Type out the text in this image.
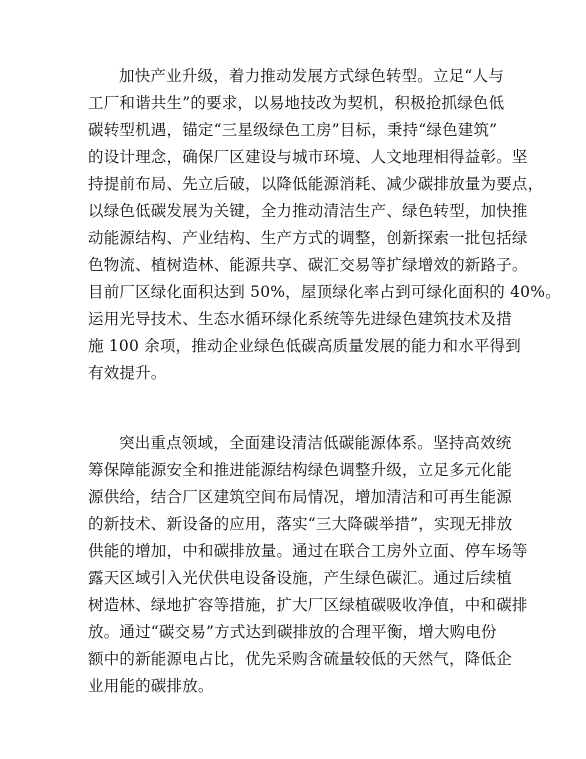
加快产业升级，着力推动发展方式绿色转型。立足“人与
工厂和谐共生”的要求，以易地技改为契机，积极抢抓绿色低
碳转型机遇，锚定“三星级绿色工房”目标，秉持“绿色建筑”
的设计理念，确保厂区建设与城市环境、人文地理相得益彰。坚
持提前布局、先立后破，以降低能源消耗、减少碳排放量为要点，
以绿色低碳发展为关键，全力推动清洁生产、绿色转型，加快推
动能源结构、产业结构、生产方式的调整，创新探索一批包括绿
色物流、植树造林、能源共享、碳汇交易等扩绿增效的新路子。
目前厂区绿化面积达到 50%，屋顶绿化率占到可绿化面积的 40%。
运用光导技术、生态水循环绿化系统等先进绿色建筑技术及措
施 100 余项，推动企业绿色低碳高质量发展的能力和水平得到
有效提升。
突出重点领域，全面建设清洁低碳能源体系。坚持高效统
筹保障能源安全和推进能源结构绿色调整升级，立足多元化能
源供给，结合厂区建筑空间布局情况，增加清洁和可再生能源
的新技术、新设备的应用，落实“三大降碳举措”，实现无排放
供能的增加，中和碳排放量。通过在联合工房外立面、停车场等
露天区域引入光伏供电设备设施，产生绿色碳汇。通过后续植
树造林、绿地扩容等措施，扩大厂区绿植碳吸收净值，中和碳排
放。通过“碳交易”方式达到碳排放的合理平衡，增大购电份
额中的新能源电占比，优先采购含硫量较低的天然气，降低企
业用能的碳排放。
